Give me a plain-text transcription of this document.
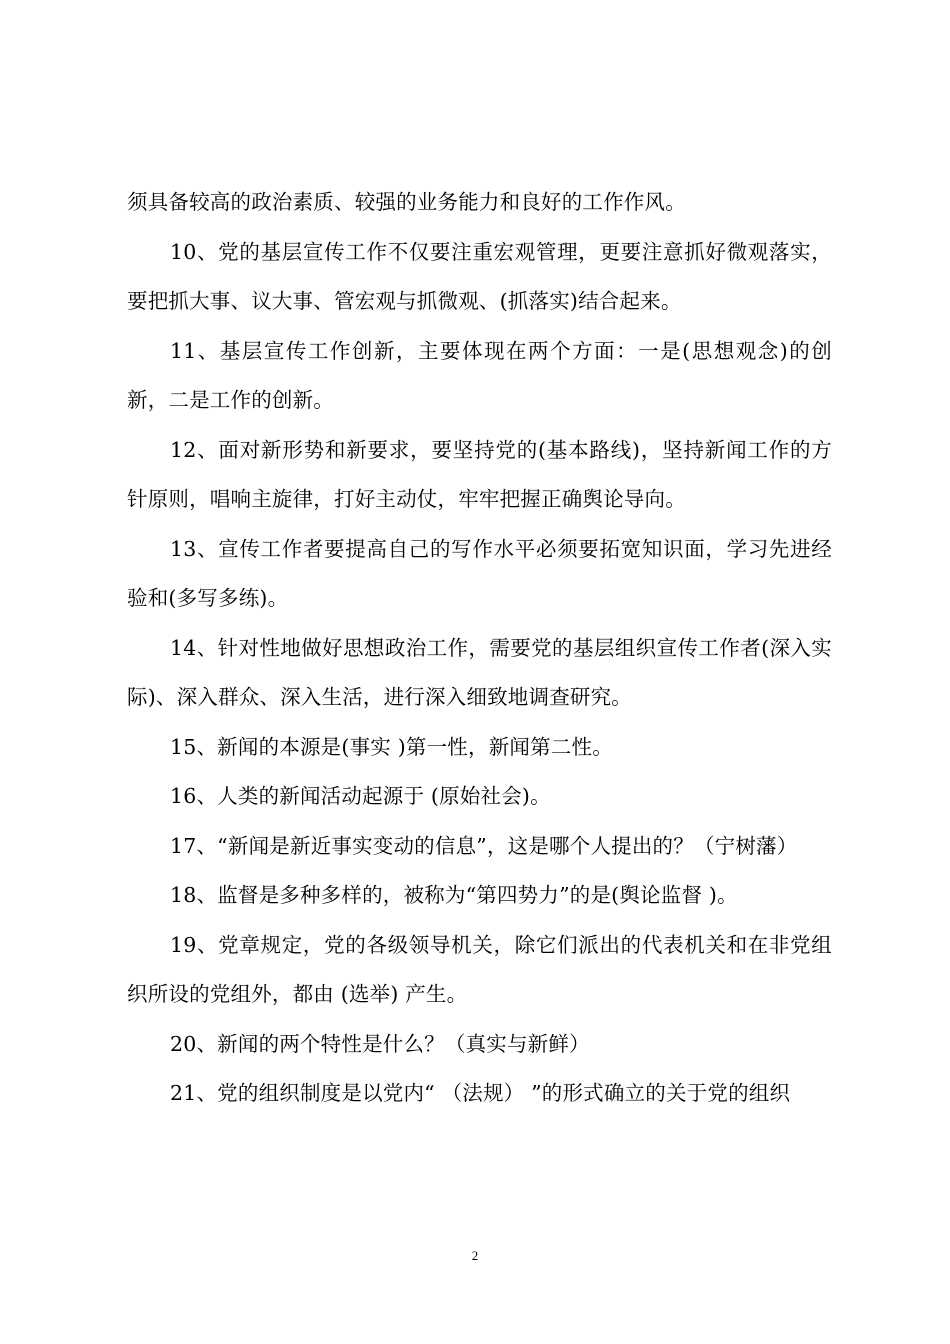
须具备较高的政治素质、较强的业务能力和良好的工作作风。

10、党的基层宣传工作不仅要注重宏观管理，更要注意抓好微观落实，要把抓大事、议大事、管宏观与抓微观、(抓落实)结合起来。

11、基层宣传工作创新，主要体现在两个方面：一是(思想观念)的创新，二是工作的创新。

12、面对新形势和新要求，要坚持党的(基本路线)，坚持新闻工作的方针原则，唱响主旋律，打好主动仗，牢牢把握正确舆论导向。

13、宣传工作者要提高自己的写作水平必须要拓宽知识面，学习先进经验和(多写多练)。

14、针对性地做好思想政治工作，需要党的基层组织宣传工作者(深入实际)、深入群众、深入生活，进行深入细致地调查研究。

15、新闻的本源是(事实 )第一性，新闻第二性。

16、人类的新闻活动起源于 (原始社会)。

17、“新闻是新近事实变动的信息”，这是哪个人提出的？（宁树藩）

18、监督是多种多样的，被称为“第四势力”的是(舆论监督 )。

19、党章规定，党的各级领导机关，除它们派出的代表机关和在非党组织所设的党组外，都由 (选举) 产生。

20、新闻的两个特性是什么？（真实与新鲜）

21、党的组织制度是以党内“ （法规） ”的形式确立的关于党的组织

2
